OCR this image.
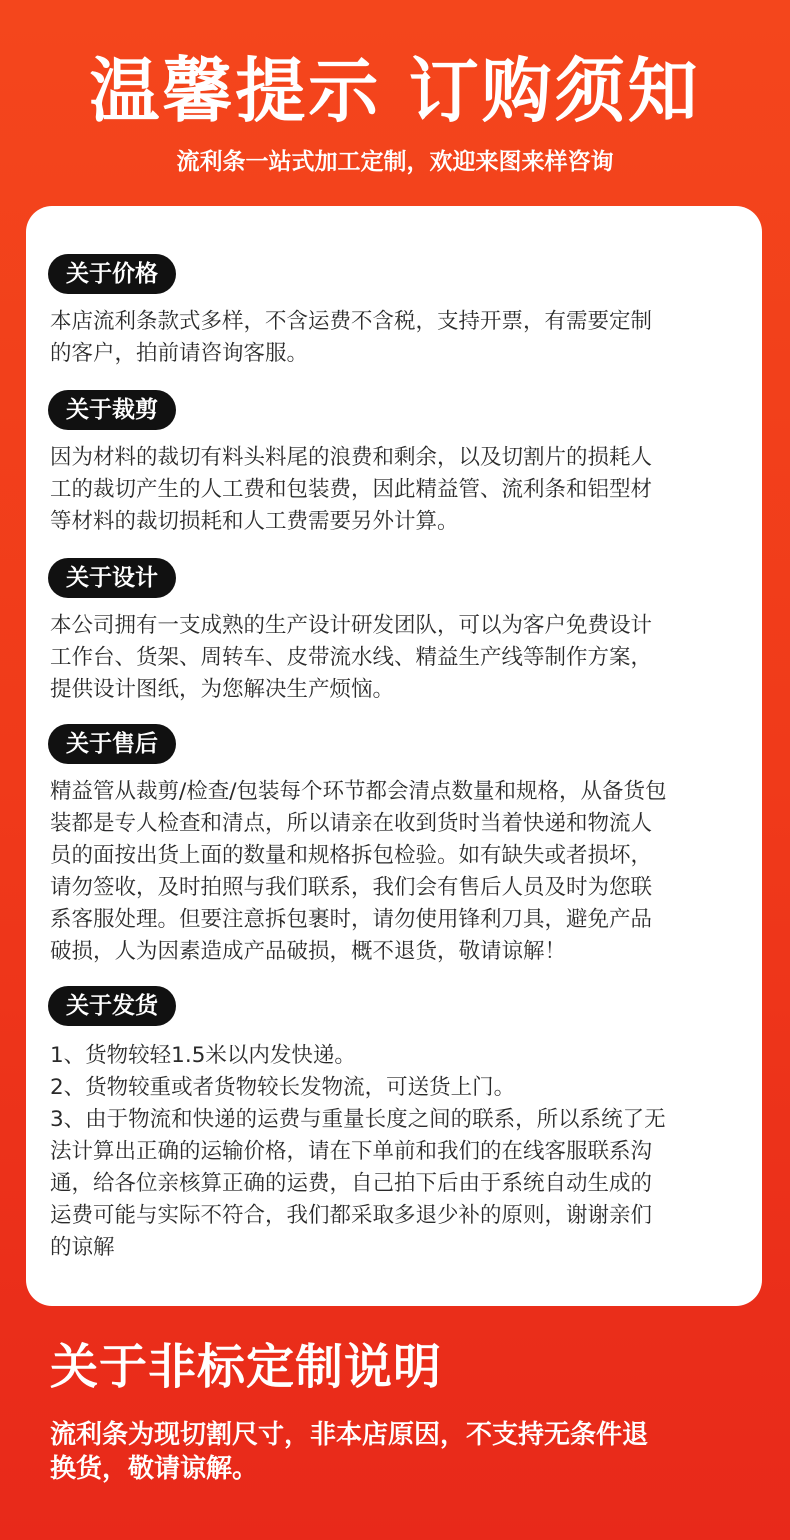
温馨提示 订购须知
流利条一站式加工定制，欢迎来图来样咨询
关于价格

本店流利条款式多样，不含运费不含税，支持开票，有需要定制

的客户，拍前请咨询客服。

关于裁剪

因为材料的裁切有料头料尾的浪费和剩余，以及切割片的损耗人

工的裁切产生的人工费和包装费，因此精益管、流利条和铝型材

等材料的裁切损耗和人工费需要另外计算。

关于设计

本公司拥有一支成熟的生产设计研发团队，可以为客户免费设计

工作台、货架、周转车、皮带流水线、精益生产线等制作方案，

提供设计图纸，为您解决生产烦恼。

关于售后

精益管从裁剪/检查/包装每个环节都会清点数量和规格，从备货包

装都是专人检查和清点，所以请亲在收到货时当着快递和物流人

员的面按出货上面的数量和规格拆包检验。如有缺失或者损坏，

请勿签收，及时拍照与我们联系，我们会有售后人员及时为您联

系客服处理。但要注意拆包裹时，请勿使用锋利刀具，避免产品

破损，人为因素造成产品破损，概不退货，敬请谅解！

关于发货

1、货物较轻1.5米以内发快递。

2、货物较重或者货物较长发物流，可送货上门。

3、由于物流和快递的运费与重量长度之间的联系，所以系统了无

法计算出正确的运输价格，请在下单前和我们的在线客服联系沟

通，给各位亲核算正确的运费，自己拍下后由于系统自动生成的

运费可能与实际不符合，我们都采取多退少补的原则，谢谢亲们

的谅解

关于非标定制说明
流利条为现切割尺寸，非本店原因，不支持无条件退
换货，敬请谅解。
